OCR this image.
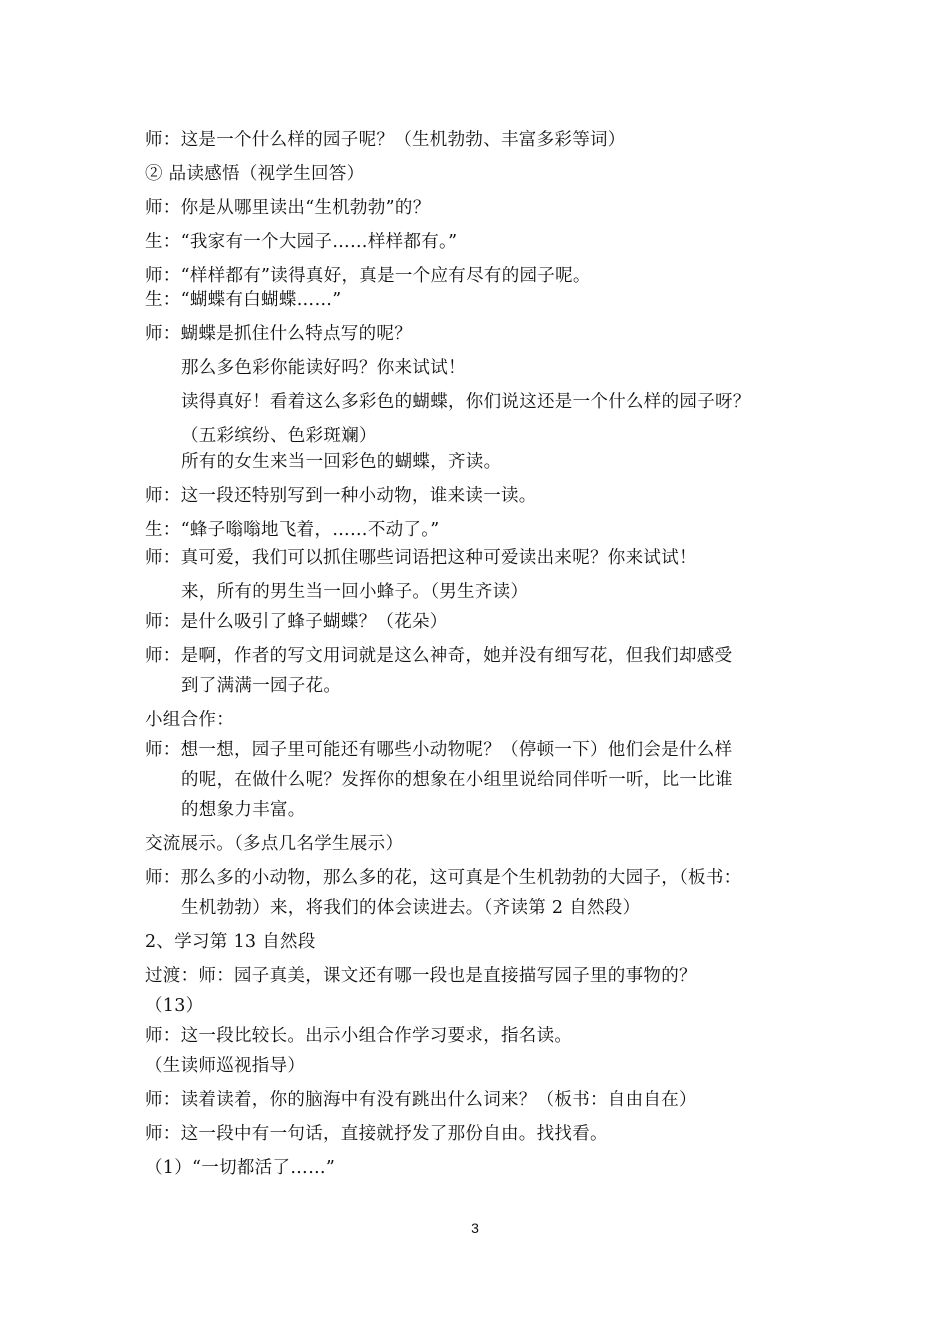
师：这是一个什么样的园子呢？（生机勃勃、丰富多彩等词）
② 品读感悟（视学生回答）
师：你是从哪里读出“生机勃勃”的？
生：“我家有一个大园子……样样都有。”
师：“样样都有”读得真好，真是一个应有尽有的园子呢。
生：“蝴蝶有白蝴蝶……”
师：蝴蝶是抓住什么特点写的呢？
那么多色彩你能读好吗？你来试试！
读得真好！看着这么多彩色的蝴蝶，你们说这还是一个什么样的园子呀？
（五彩缤纷、色彩斑斓）
所有的女生来当一回彩色的蝴蝶，齐读。
师：这一段还特别写到一种小动物，谁来读一读。
生：“蜂子嗡嗡地飞着，……不动了。”
师：真可爱，我们可以抓住哪些词语把这种可爱读出来呢？你来试试！
来，所有的男生当一回小蜂子。（男生齐读）
师：是什么吸引了蜂子蝴蝶？（花朵）
师：是啊，作者的写文用词就是这么神奇，她并没有细写花，但我们却感受
到了满满一园子花。
小组合作：
师：想一想，园子里可能还有哪些小动物呢？（停顿一下）他们会是什么样
的呢，在做什么呢？发挥你的想象在小组里说给同伴听一听，比一比谁
的想象力丰富。
交流展示。（多点几名学生展示）
师：那么多的小动物，那么多的花，这可真是个生机勃勃的大园子，（板书：
生机勃勃）来，将我们的体会读进去。（齐读第 2 自然段）
2、学习第 13 自然段
过渡：师：园子真美，课文还有哪一段也是直接描写园子里的事物的？
（13）
师：这一段比较长。出示小组合作学习要求，指名读。
（生读师巡视指导）
师：读着读着，你的脑海中有没有跳出什么词来？（板书：自由自在）
师：这一段中有一句话，直接就抒发了那份自由。找找看。
（1）“一切都活了……”
3
